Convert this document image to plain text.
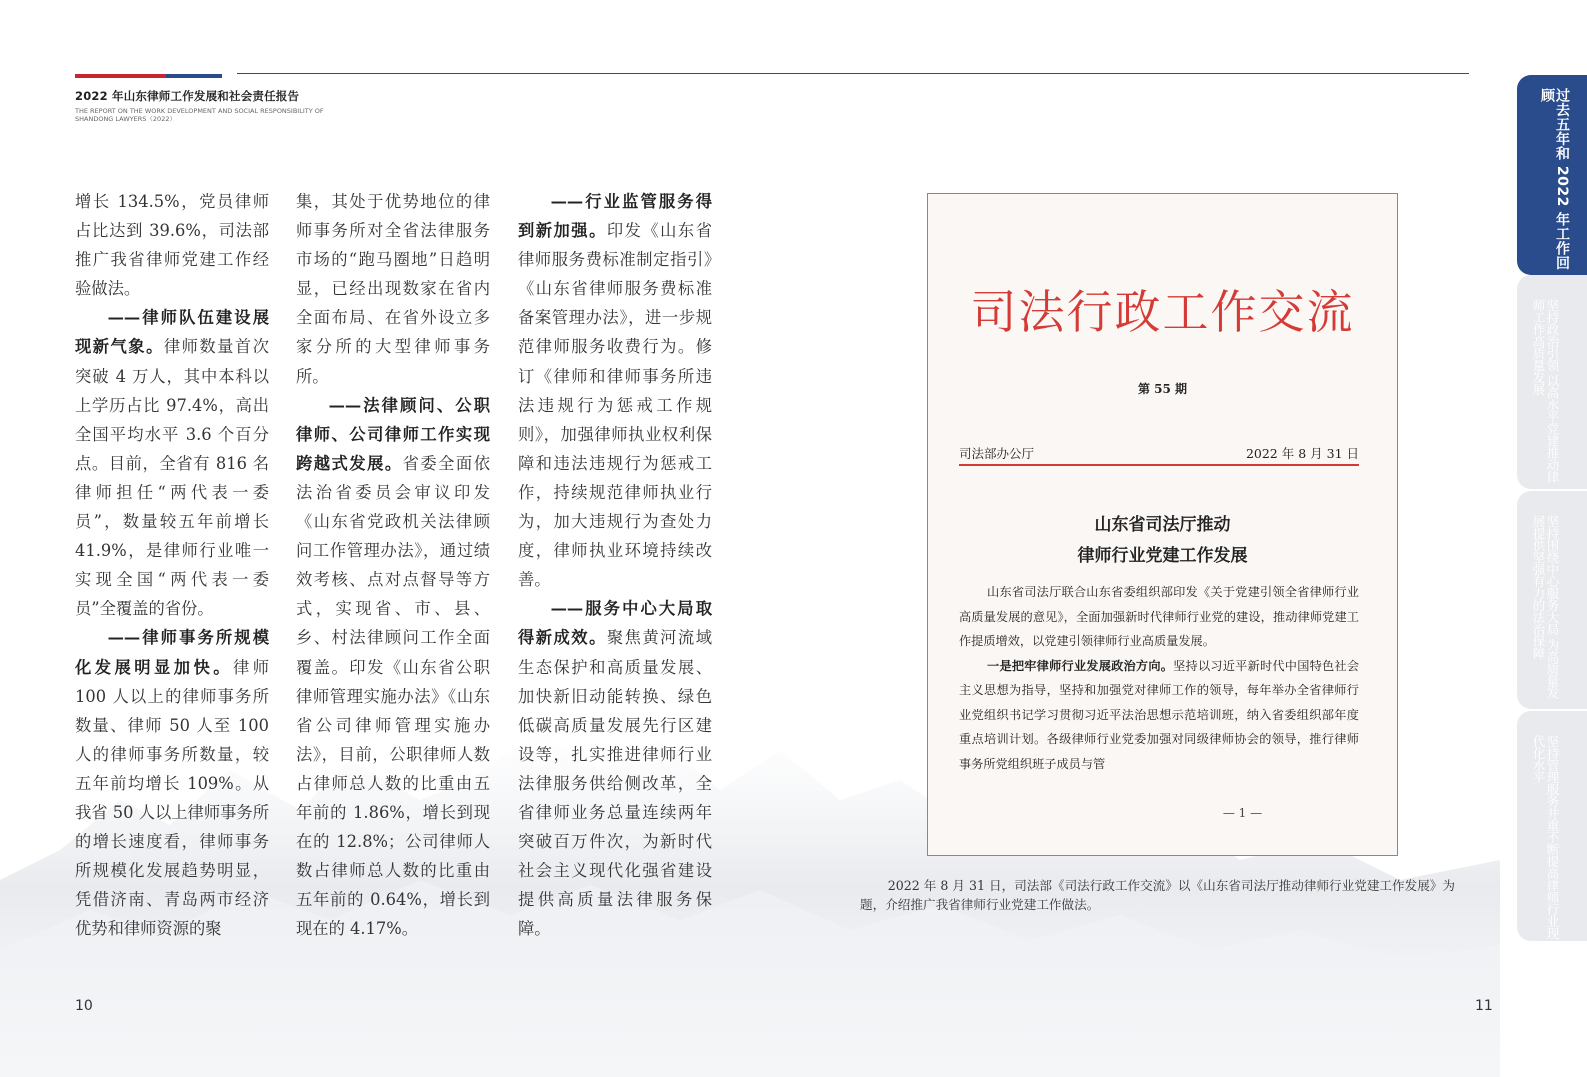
2022 年山东律师工作发展和社会责任报告
THE REPORT ON THE WORK DEVELOPMENT AND SOCIAL RESPONSIBILITY OF SHANDONG LAWYERS（2022）

增长 134.5%，党员律师占比达到 39.6%，司法部推广我省律师党建工作经验做法。

——律师队伍建设展现新气象。律师数量首次突破 4 万人，其中本科以上学历占比 97.4%，高出全国平均水平 3.6 个百分点。目前，全省有 816 名律师担任“两代表一委员”，数量较五年前增长 41.9%，是律师行业唯一实现全国“两代表一委员”全覆盖的省份。

——律师事务所规模化发展明显加快。律师 100 人以上的律师事务所数量、律师 50 人至 100 人的律师事务所数量，较五年前均增长 109%。从我省 50 人以上律师事务所的增长速度看，律师事务所规模化发展趋势明显，凭借济南、青岛两市经济优势和律师资源的聚

集，其处于优势地位的律师事务所对全省法律服务市场的“跑马圈地”日趋明显，已经出现数家在省内全面布局、在省外设立多家分所的大型律师事务所。

——法律顾问、公职律师、公司律师工作实现跨越式发展。省委全面依法治省委员会审议印发《山东省党政机关法律顾问工作管理办法》，通过绩效考核、点对点督导等方式，实现省、市、县、乡、村法律顾问工作全面覆盖。印发《山东省公职律师管理实施办法》《山东省公司律师管理实施办法》，目前，公职律师人数占律师总人数的比重由五年前的 1.86%，增长到现在的 12.8%；公司律师人数占律师总人数的比重由五年前的 0.64%，增长到现在的 4.17%。

——行业监管服务得到新加强。印发《山东省律师服务费标准制定指引》《山东省律师服务费标准备案管理办法》，进一步规范律师服务收费行为。修订《律师和律师事务所违法违规行为惩戒工作规则》，加强律师执业权利保障和违法违规行为惩戒工作，持续规范律师执业行为，加大违规行为查处力度，律师执业环境持续改善。

——服务中心大局取得新成效。聚焦黄河流域生态保护和高质量发展、加快新旧动能转换、绿色低碳高质量发展先行区建设等，扎实推进律师行业法律服务供给侧改革，全省律师业务总量连续两年突破百万件次，为新时代社会主义现代化强省建设提供高质量法律服务保障。

司法行政工作交流
第 55 期
司法部办公厅	2022 年 8 月 31 日
山东省司法厅推动
律师行业党建工作发展

山东省司法厅联合山东省委组织部印发《关于党建引领全省律师行业高质量发展的意见》，全面加强新时代律师行业党的建设，推动律师党建工作提质增效，以党建引领律师行业高质量发展。

一是把牢律师行业发展政治方向。坚持以习近平新时代中国特色社会主义思想为指导，坚持和加强党对律师工作的领导，每年举办全省律师行业党组织书记学习贯彻习近平法治思想示范培训班，纳入省委组织部年度重点培训计划。各级律师行业党委加强对同级律师协会的领导，推行律师事务所党组织班子成员与管

— 1 —
2022 年 8 月 31 日，司法部《司法行政工作交流》以《山东省司法厅推动律师行业党建工作发展》为题，介绍推广我省律师行业党建工作做法。
10	11
过去五年和 2022 年工作回顾
坚持政治引领 以高水平党建推动律师工作高质量发展
坚持围绕中心服务大局 为高质量发展提供坚强有力的法治保障
坚持管理服务并重不断提高律师行业现代化水平
